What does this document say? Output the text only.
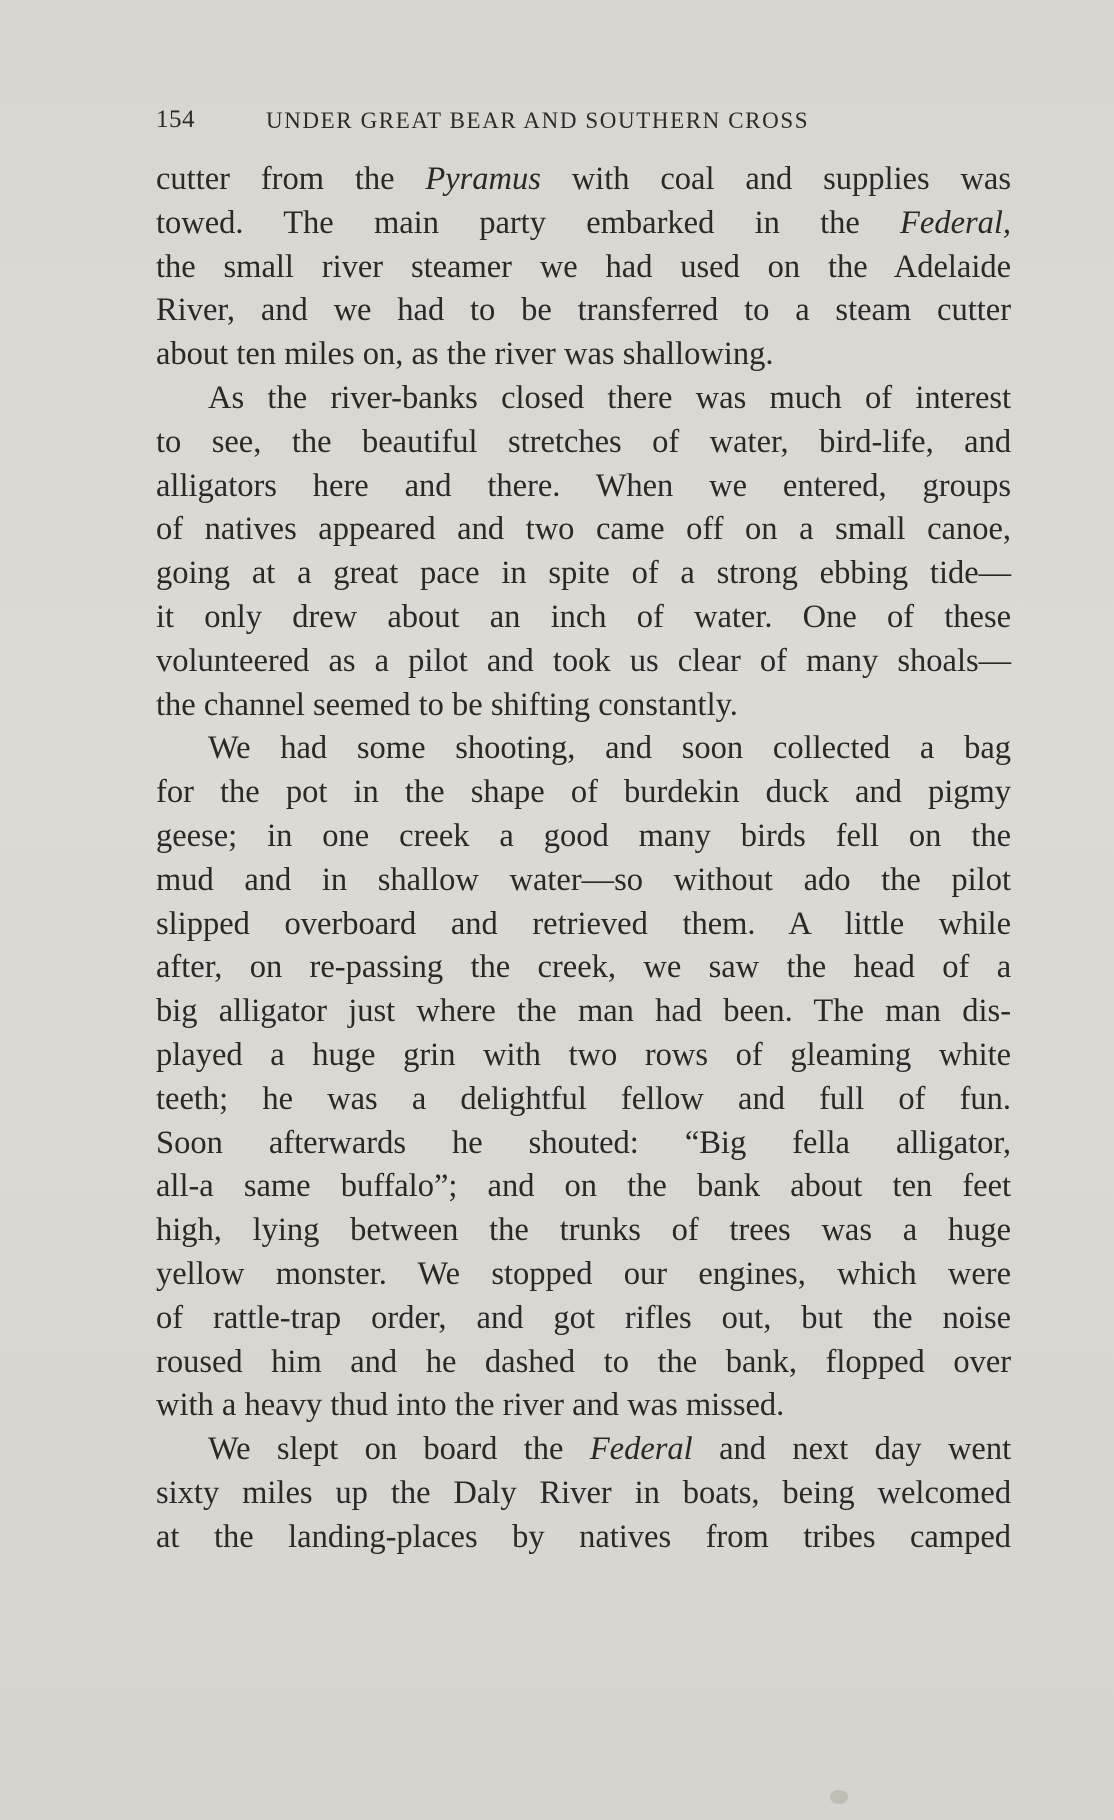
154	UNDER GREAT BEAR AND SOUTHERN CROSS

cutter from the Pyramus with coal and supplies was

towed. The main party embarked in the Federal,

the small river steamer we had used on the Adelaide

River, and we had to be transferred to a steam cutter

about ten miles on, as the river was shallowing.

As the river-banks closed there was much of interest

to see, the beautiful stretches of water, bird-life, and

alligators here and there. When we entered, groups

of natives appeared and two came off on a small canoe,

going at a great pace in spite of a strong ebbing tide—

it only drew about an inch of water. One of these

volunteered as a pilot and took us clear of many shoals—

the channel seemed to be shifting constantly.

We had some shooting, and soon collected a bag

for the pot in the shape of burdekin duck and pigmy

geese; in one creek a good many birds fell on the

mud and in shallow water—so without ado the pilot

slipped overboard and retrieved them. A little while

after, on re-passing the creek, we saw the head of a

big alligator just where the man had been. The man dis-

played a huge grin with two rows of gleaming white

teeth; he was a delightful fellow and full of fun.

Soon afterwards he shouted: “Big fella alligator,

all-a same buffalo”; and on the bank about ten feet

high, lying between the trunks of trees was a huge

yellow monster. We stopped our engines, which were

of rattle-trap order, and got rifles out, but the noise

roused him and he dashed to the bank, flopped over

with a heavy thud into the river and was missed.

We slept on board the Federal and next day went

sixty miles up the Daly River in boats, being welcomed

at the landing-places by natives from tribes camped
